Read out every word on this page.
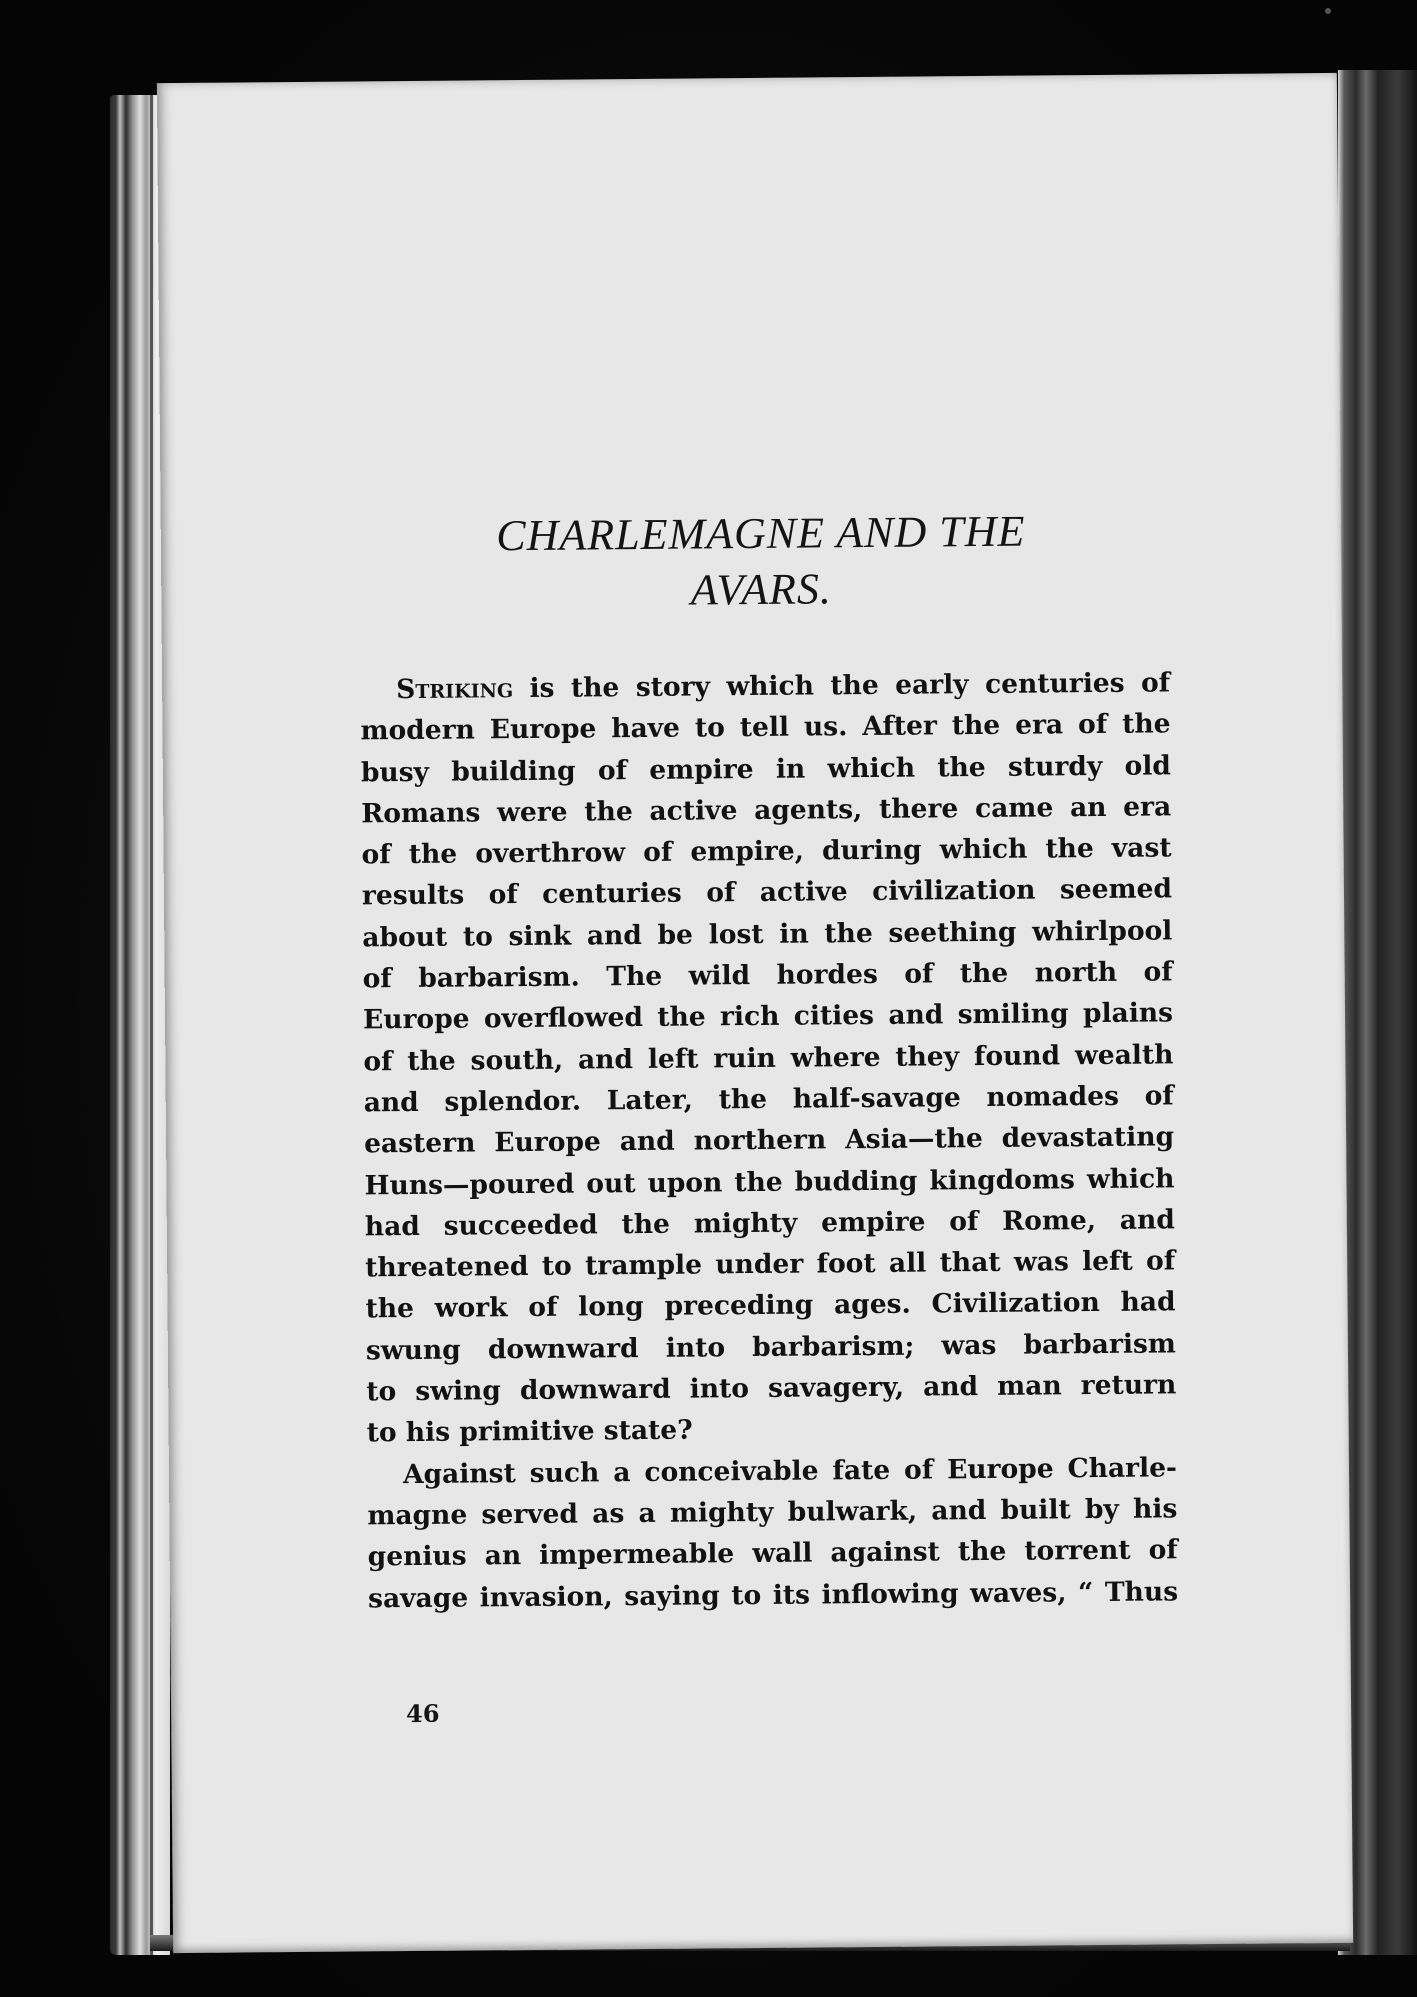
CHARLEMAGNE AND THE
AVARS.

Striking is the story which the early centuries of
modern Europe have to tell us. After the era of the
busy building of empire in which the sturdy old
Romans were the active agents, there came an era
of the overthrow of empire, during which the vast
results of centuries of active civilization seemed
about to sink and be lost in the seething whirlpool
of barbarism. The wild hordes of the north of
Europe overflowed the rich cities and smiling plains
of the south, and left ruin where they found wealth
and splendor. Later, the half-savage nomades of
eastern Europe and northern Asia—the devastating
Huns—poured out upon the budding kingdoms which
had succeeded the mighty empire of Rome, and
threatened to trample under foot all that was left of
the work of long preceding ages. Civilization had
swung downward into barbarism; was barbarism
to swing downward into savagery, and man return
to his primitive state?

Against such a conceivable fate of Europe Charle-
magne served as a mighty bulwark, and built by his
genius an impermeable wall against the torrent of
savage invasion, saying to its inflowing waves, “ Thus

46
